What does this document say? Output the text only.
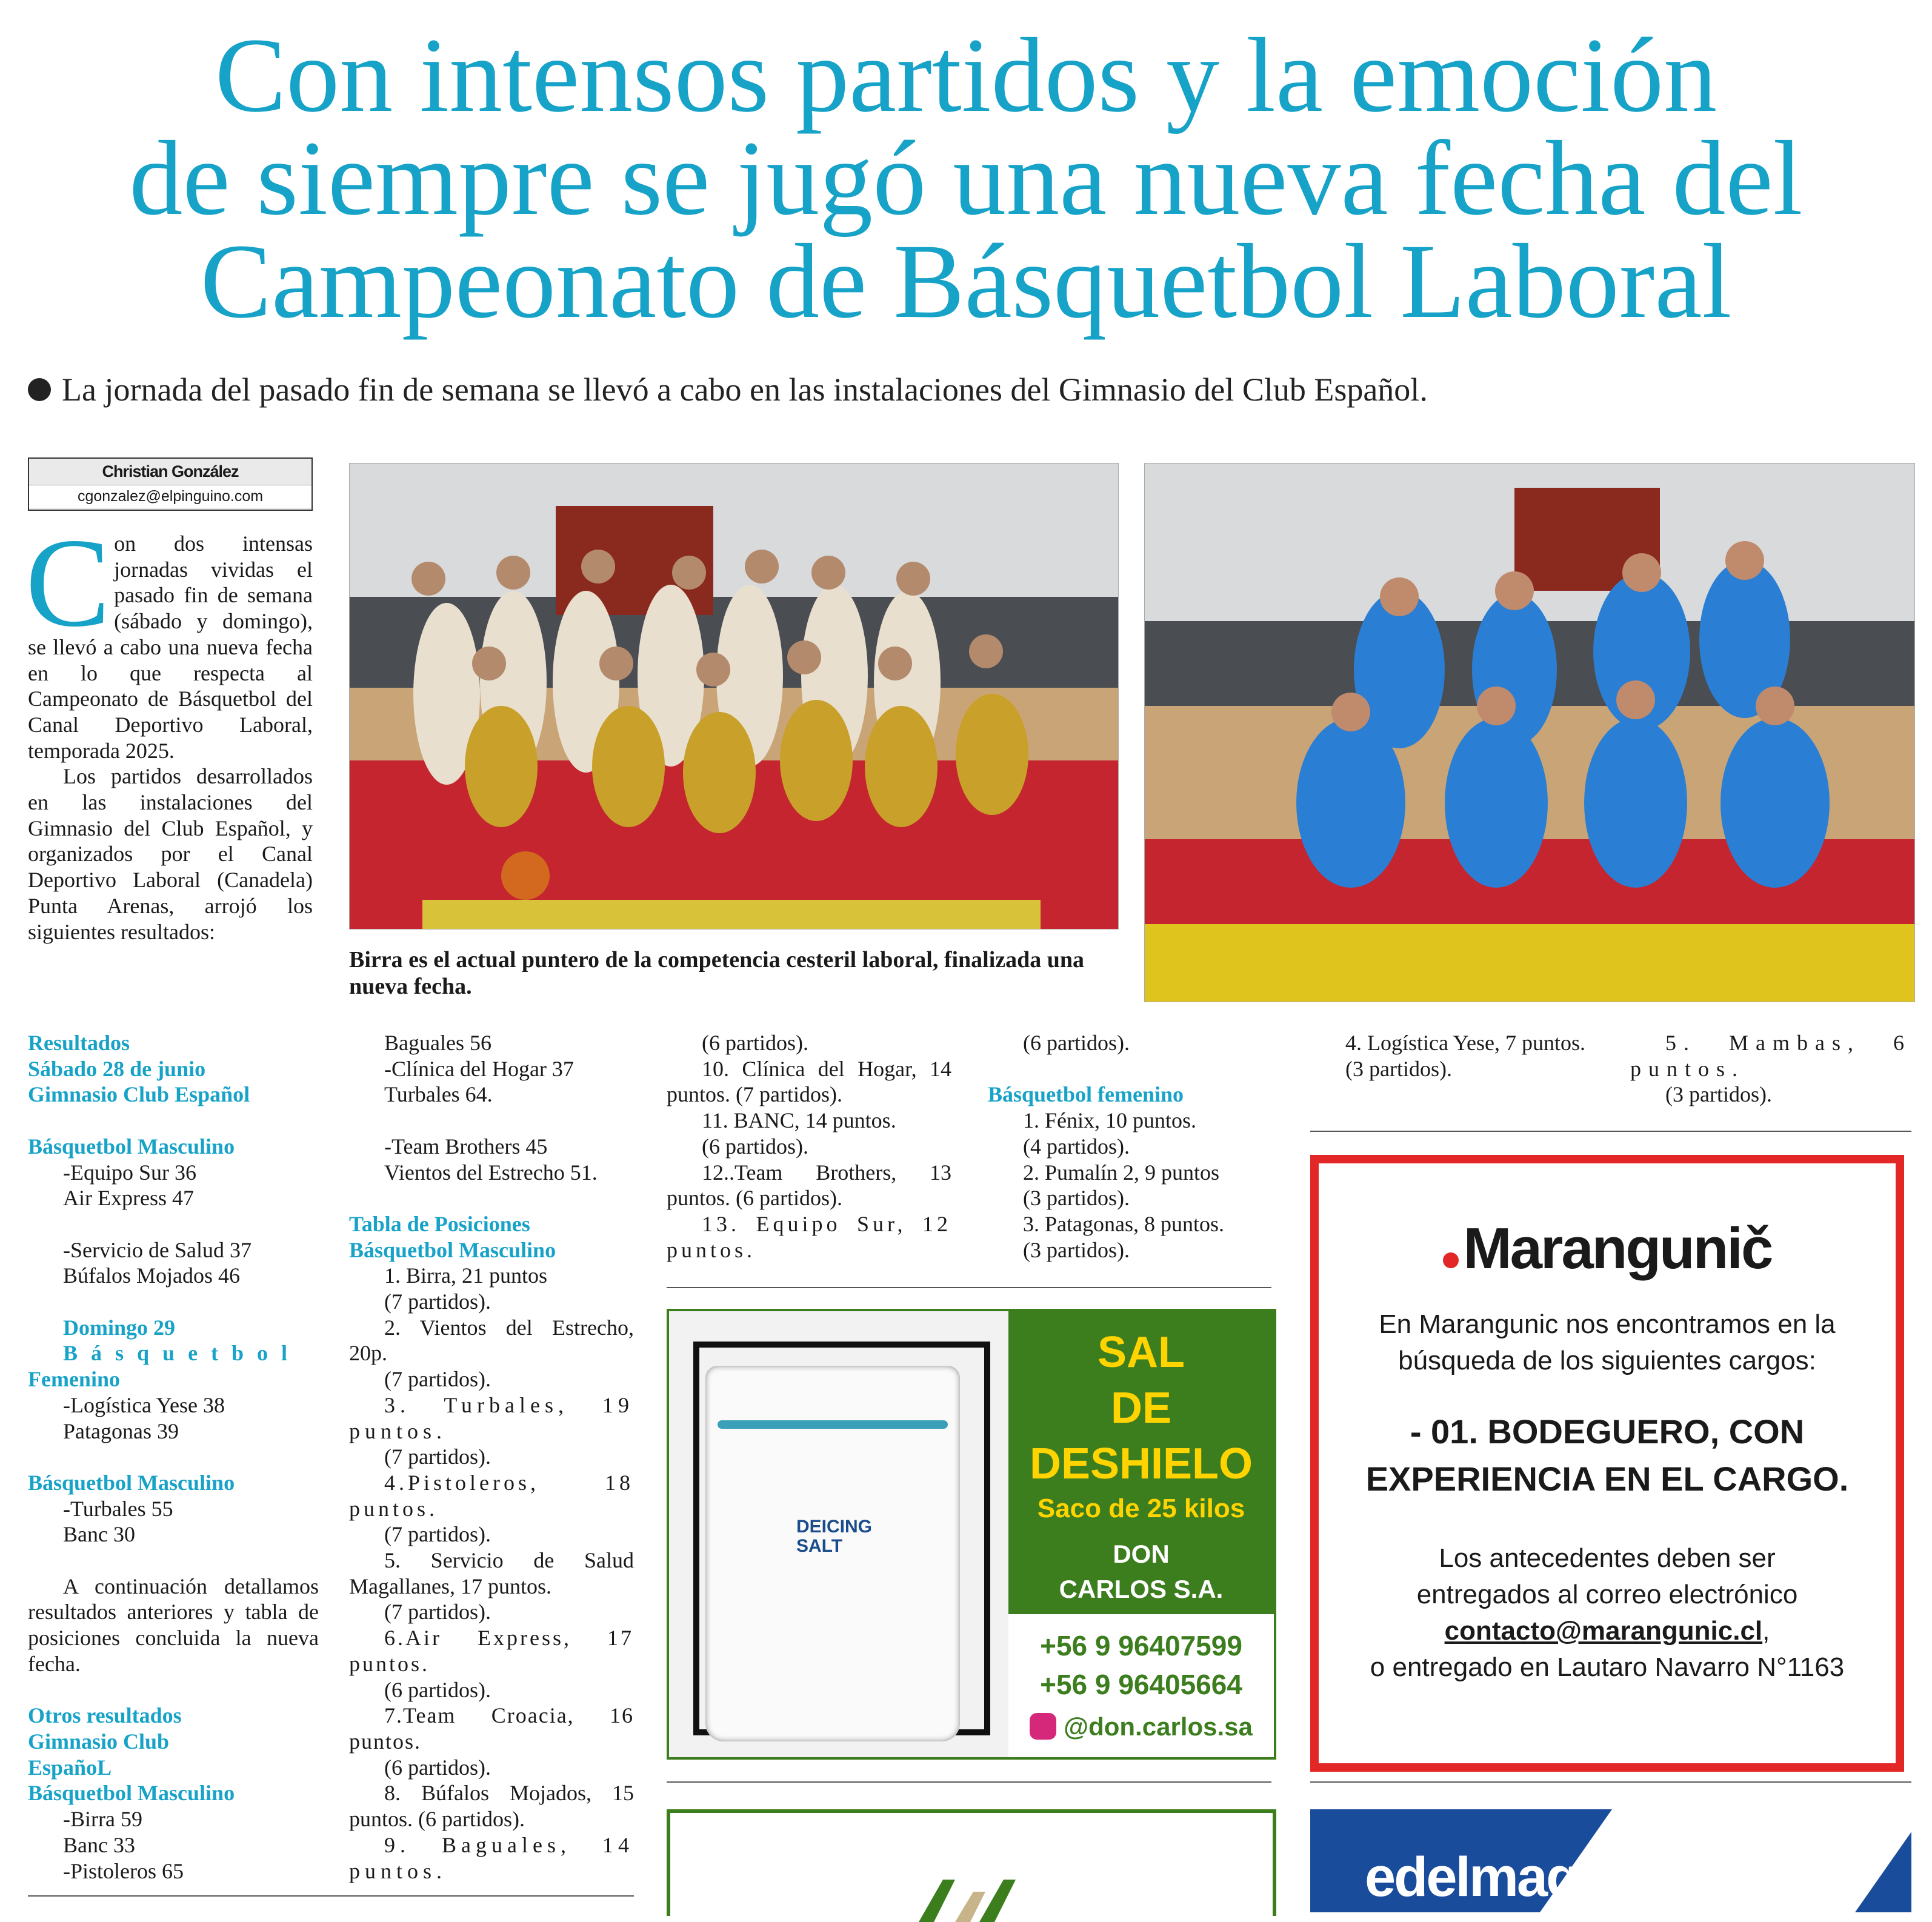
Con intensos partidos y la emoción
de siempre se jugó una nueva fecha del
Campeonato de Básquetbol Laboral
La jornada del pasado fin de semana se llevó a cabo en las instalaciones del Gimnasio del Club Español.
Christian González
cgonzalez@elpinguino.com
C on dos intensas jornadas vividas el pasado fin de semana (sábado y domingo), se llevó a cabo una nueva fecha en lo que respecta al Campeonato de Básquetbol del Canal Deportivo Laboral, temporada 2025.

Los partidos desarrollados en las instalaciones del Gimnasio del Club Español, y organizados por el Canal Deportivo Laboral (Canadela) Punta Arenas, arrojó los siguientes resultados:

Birra es el actual puntero de la competencia cesteril laboral, finalizada una nueva fecha.

Resultados

Sábado 28 de junio

Gimnasio Club Español

Básquetbol Masculino

-Equipo Sur 36

Air Express 47

-Servicio de Salud 37

Búfalos Mojados 46

Domingo 29

Básquetbol

Femenino

-Logística Yese 38

Patagonas 39

Básquetbol Masculino

-Turbales 55

Banc 30

A continuación detallamos resultados anteriores y tabla de posiciones concluida la nueva fecha.

Otros resultados

Gimnasio Club

EspañoL

Básquetbol Masculino

-Birra 59

Banc 33

-Pistoleros 65

Baguales 56

-Clínica del Hogar 37

Turbales 64.

-Team Brothers 45

Vientos del Estrecho 51.

Tabla de Posiciones

Básquetbol Masculino

1. Birra, 21 puntos

(7 partidos).

2. Vientos del Estrecho, 20p.

(7 partidos).

3. Turbales, 19 puntos.

(7 partidos).

4.Pistoleros, 18 puntos.

(7 partidos).

5. Servicio de Salud Magallanes, 17 puntos.

(7 partidos).

6.Air Express, 17 puntos.

(6 partidos).

7.Team Croacia, 16 puntos.

(6 partidos).

8. Búfalos Mojados, 15 puntos. (6 partidos).

9. Baguales, 14 puntos.

(6 partidos).

10. Clínica del Hogar, 14 puntos. (7 partidos).

11. BANC, 14 puntos.

(6 partidos).

12..Team Brothers, 13 puntos. (6 partidos).

13. Equipo Sur, 12 puntos.

(6 partidos).

Básquetbol femenino

1. Fénix, 10 puntos.

(4 partidos).

2. Pumalín 2, 9 puntos

(3 partidos).

3. Patagonas, 8 puntos.

(3 partidos).

4. Logística Yese, 7 puntos.

(3 partidos).

5. Mambas, 6 puntos.

(3 partidos).

DEICING
SALT
SAL
DE
DESHIELO
Saco de 25 kilos
DON
CARLOS S.A.
+56 9 96407599
+56 9 96405664
@don.carlos.sa
Marangunič
En Marangunic nos encontramos en la búsqueda de los siguientes cargos:
- 01. BODEGUERO, CON
EXPERIENCIA EN EL CARGO.
Los antecedentes deben ser entregados al correo electrónico
contacto@marangunic.cl,
o entregado en Lautaro Navarro N°1163
edelmag
